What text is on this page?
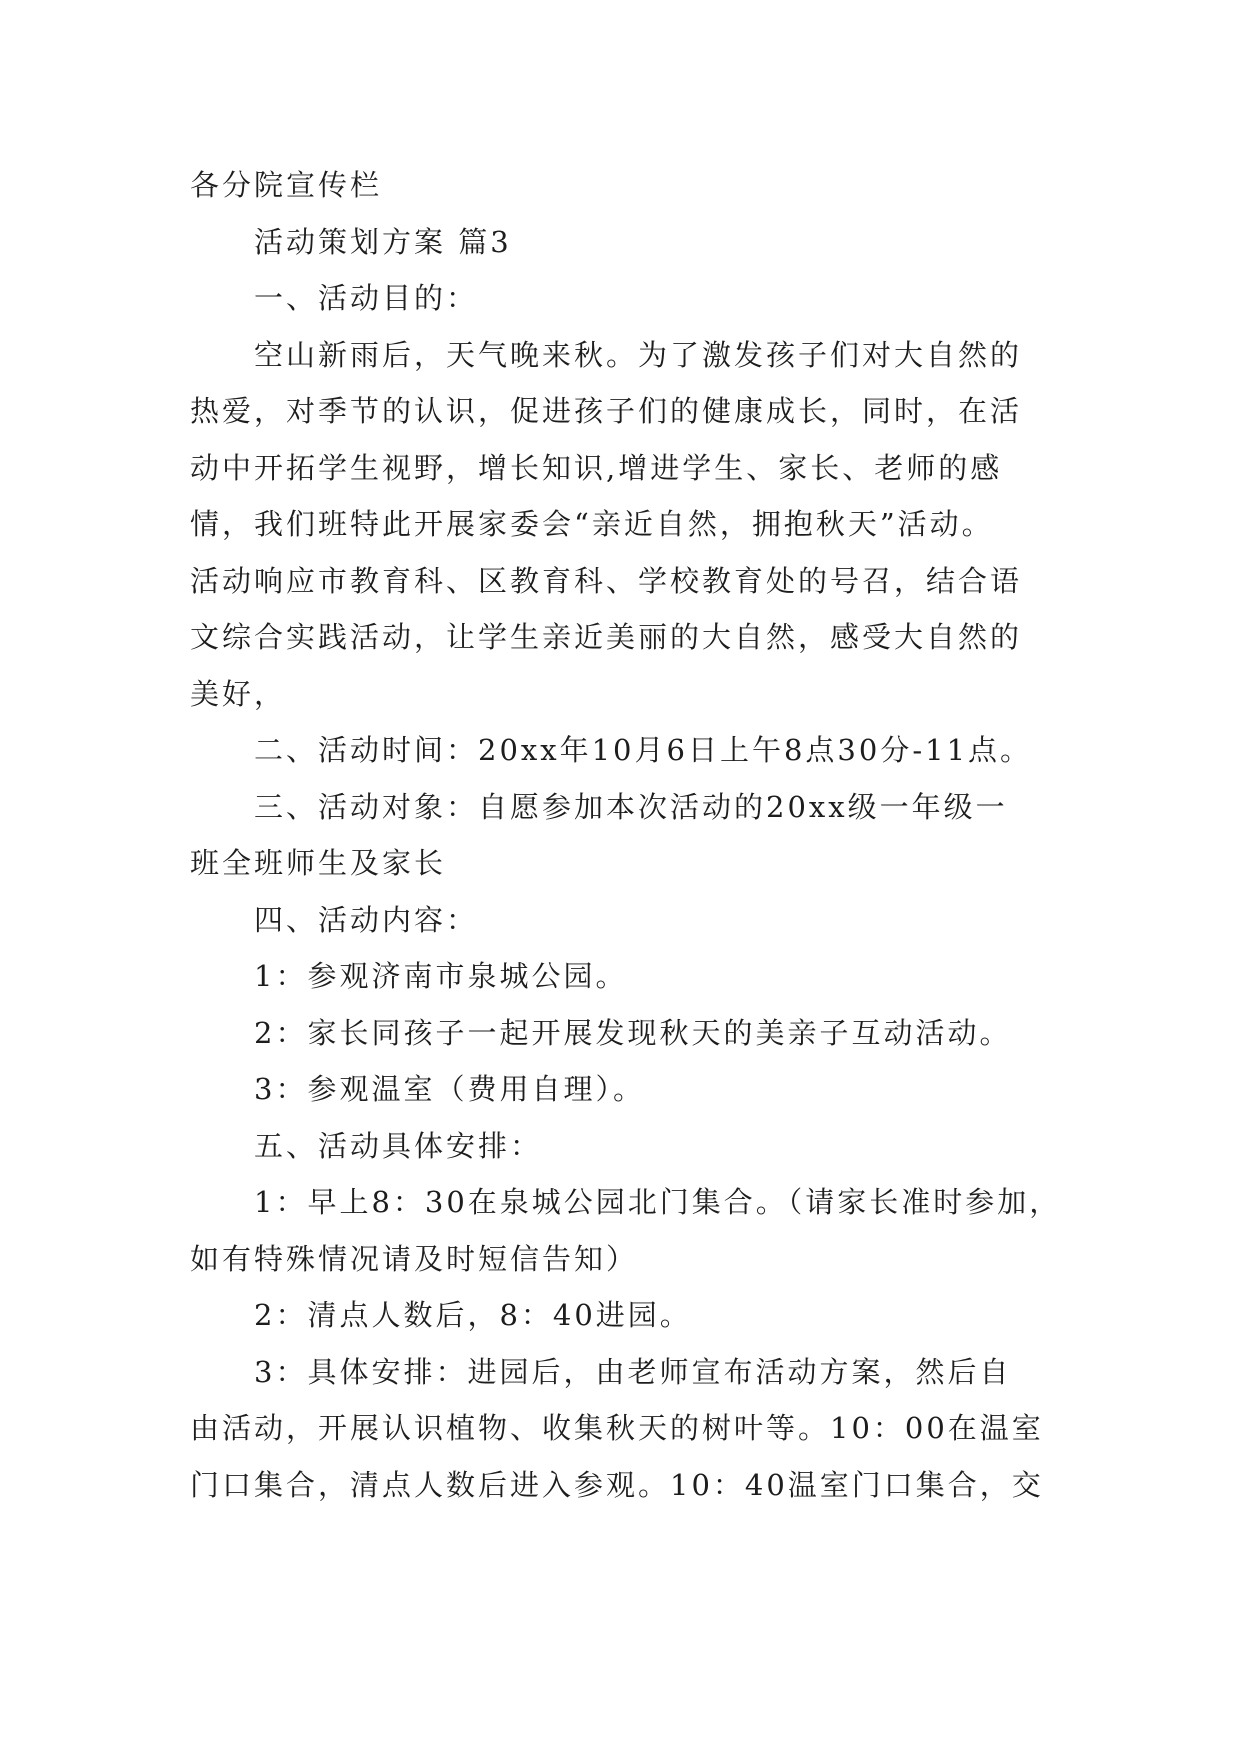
各分院宣传栏
活动策划方案 篇3
一、活动目的：
空山新雨后，天气晚来秋。为了激发孩子们对大自然的
热爱，对季节的认识，促进孩子们的健康成长，同时，在活
动中开拓学生视野，增长知识,增进学生、家长、老师的感
情，我们班特此开展家委会“亲近自然，拥抱秋天”活动。
活动响应市教育科、区教育科、学校教育处的号召，结合语
文综合实践活动，让学生亲近美丽的大自然，感受大自然的
美好，
二、活动时间：20xx年10月6日上午8点30分-11点。
三、活动对象：自愿参加本次活动的20xx级一年级一
班全班师生及家长
四、活动内容：
1：参观济南市泉城公园。
2：家长同孩子一起开展发现秋天的美亲子互动活动。
3：参观温室（费用自理）。
五、活动具体安排：
1：早上8：30在泉城公园北门集合。（请家长准时参加，
如有特殊情况请及时短信告知）
2：清点人数后，8：40进园。
3：具体安排：进园后，由老师宣布活动方案，然后自
由活动，开展认识植物、收集秋天的树叶等。10：00在温室
门口集合，清点人数后进入参观。10：40温室门口集合，交
